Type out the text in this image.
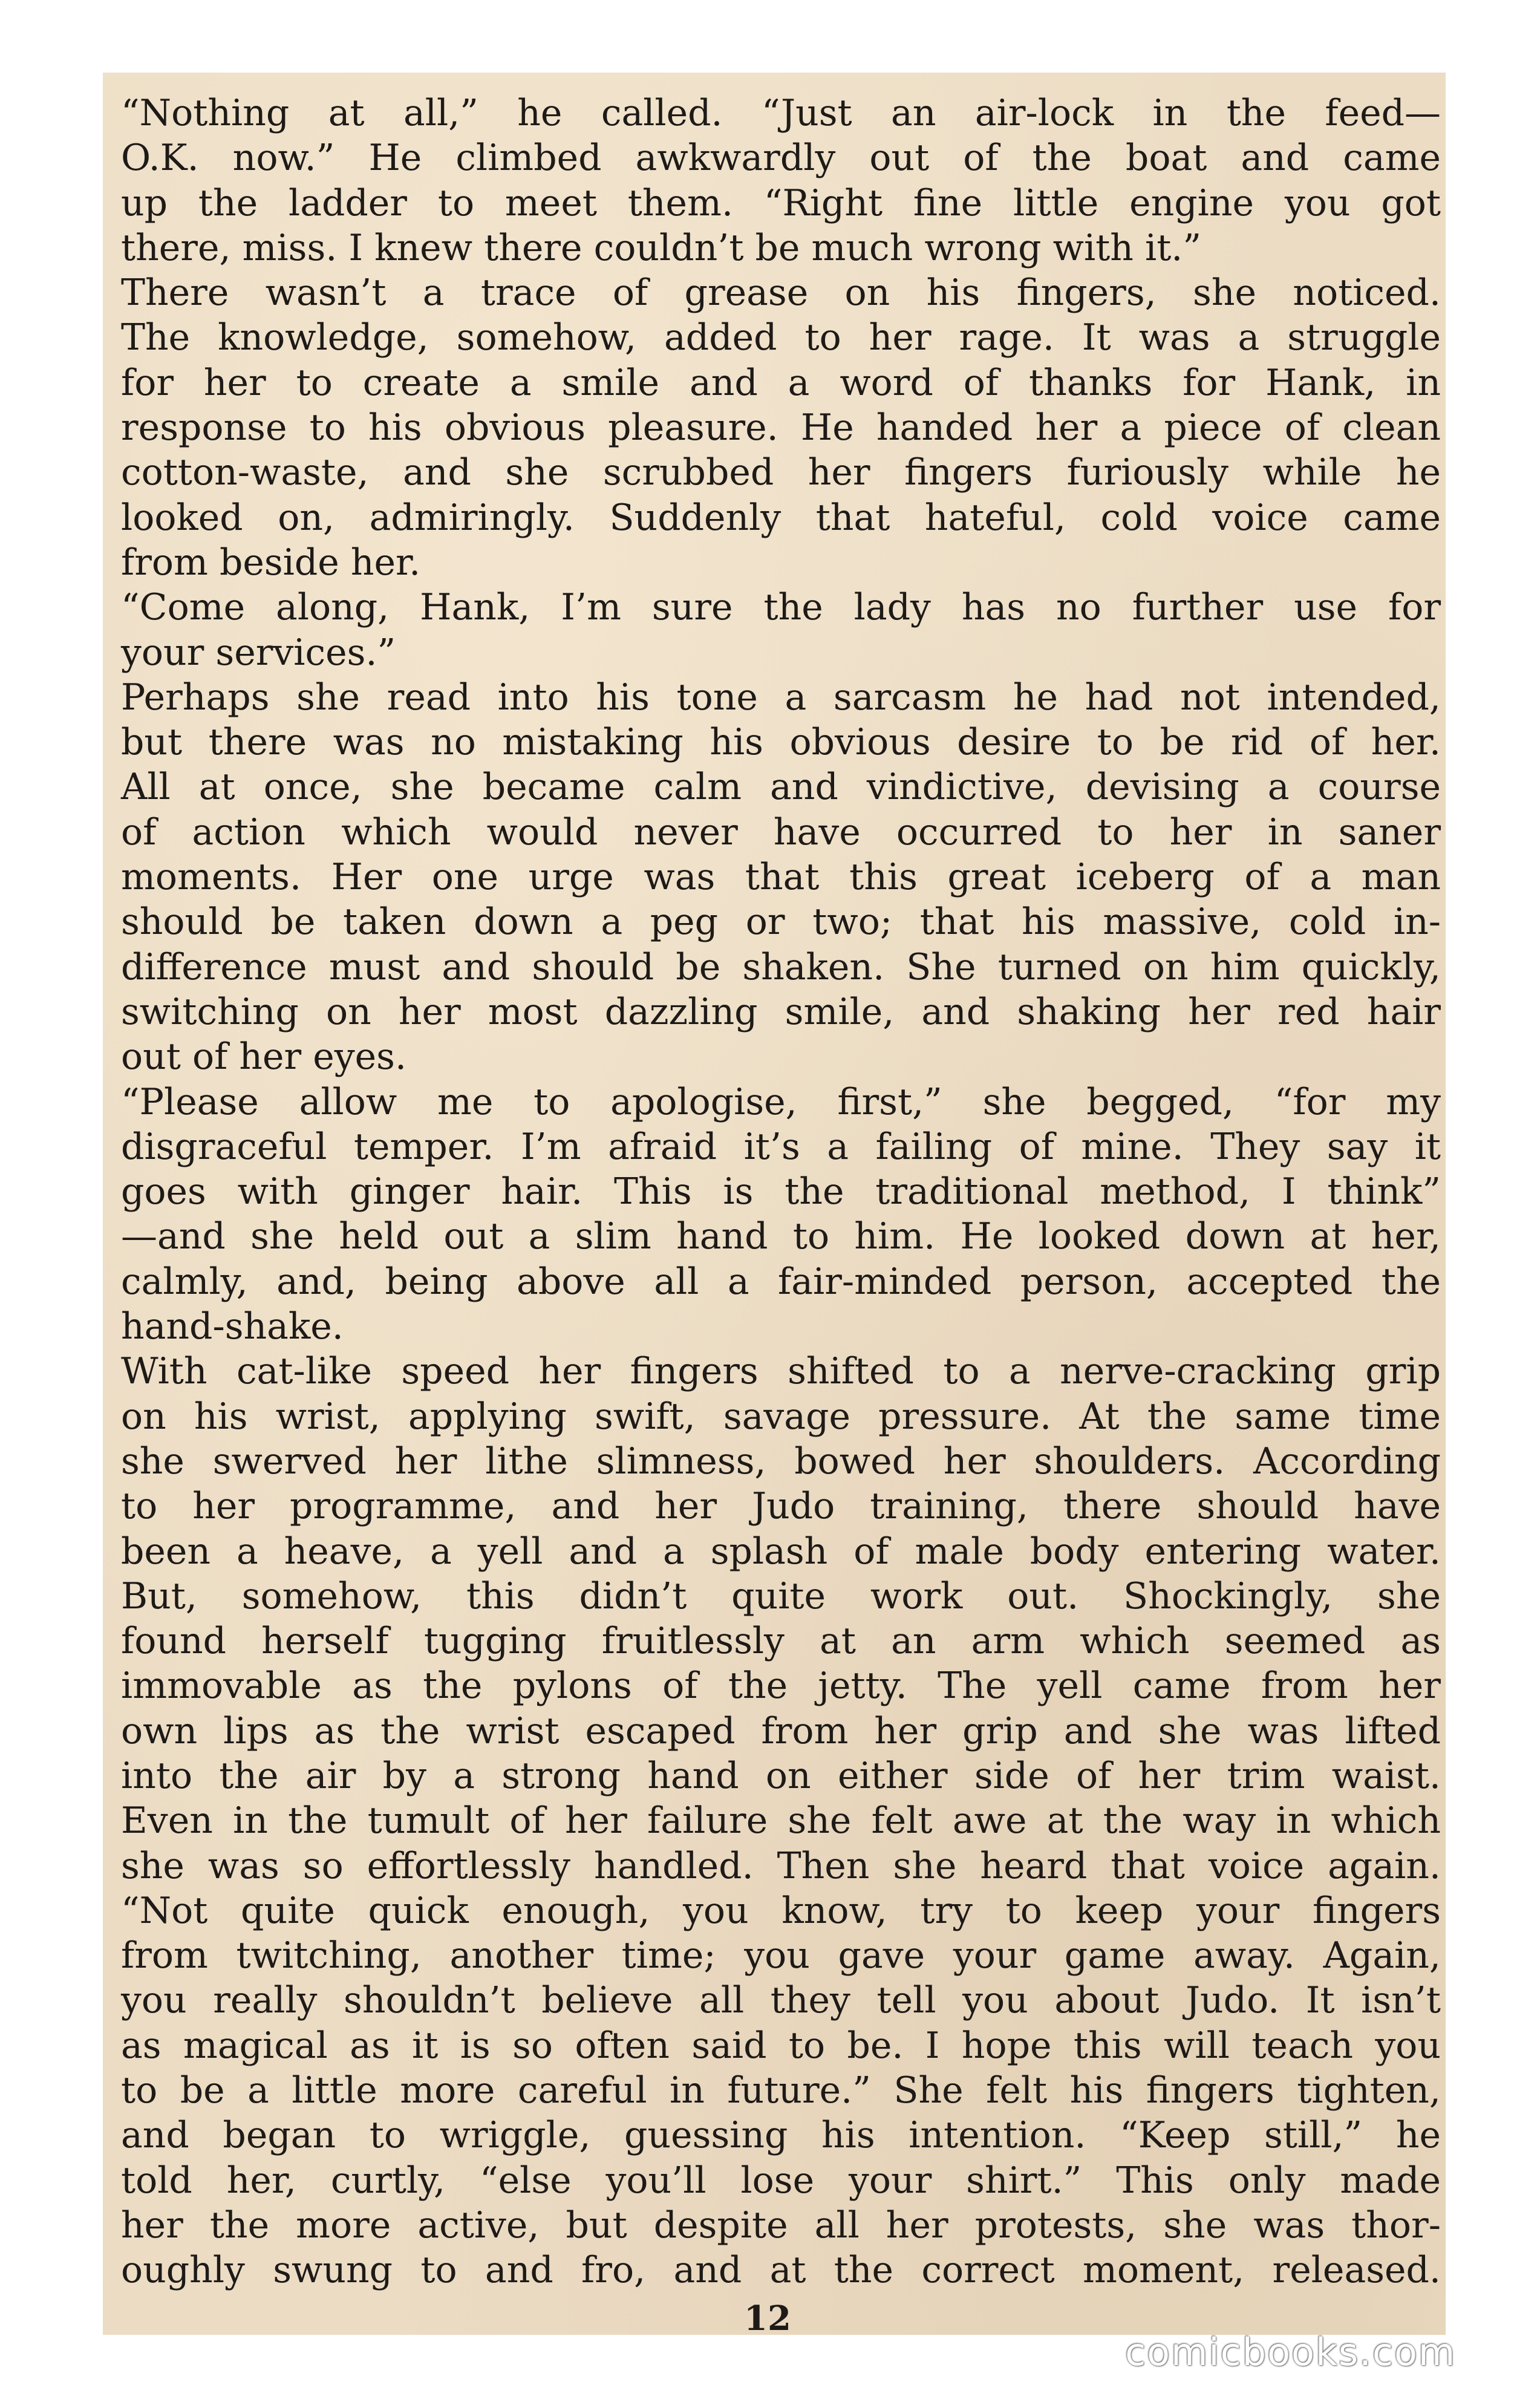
“Nothing at all,” he called. “Just an air-lock in the feed—
O.K. now.” He climbed awkwardly out of the boat and came
up the ladder to meet them. “Right fine little engine you got
there, miss. I knew there couldn’t be much wrong with it.”
There wasn’t a trace of grease on his fingers, she noticed.
The knowledge, somehow, added to her rage. It was a struggle
for her to create a smile and a word of thanks for Hank, in
response to his obvious pleasure. He handed her a piece of clean
cotton-waste, and she scrubbed her fingers furiously while he
looked on, admiringly. Suddenly that hateful, cold voice came
from beside her.
“Come along, Hank, I’m sure the lady has no further use for
your services.”
Perhaps she read into his tone a sarcasm he had not intended,
but there was no mistaking his obvious desire to be rid of her.
All at once, she became calm and vindictive, devising a course
of action which would never have occurred to her in saner
moments. Her one urge was that this great iceberg of a man
should be taken down a peg or two; that his massive, cold in-
difference must and should be shaken. She turned on him quickly,
switching on her most dazzling smile, and shaking her red hair
out of her eyes.
“Please allow me to apologise, first,” she begged, “for my
disgraceful temper. I’m afraid it’s a failing of mine. They say it
goes with ginger hair. This is the traditional method, I think”
—and she held out a slim hand to him. He looked down at her,
calmly, and, being above all a fair-minded person, accepted the
hand-shake.
With cat-like speed her fingers shifted to a nerve-cracking grip
on his wrist, applying swift, savage pressure. At the same time
she swerved her lithe slimness, bowed her shoulders. According
to her programme, and her Judo training, there should have
been a heave, a yell and a splash of male body entering water.
But, somehow, this didn’t quite work out. Shockingly, she
found herself tugging fruitlessly at an arm which seemed as
immovable as the pylons of the jetty. The yell came from her
own lips as the wrist escaped from her grip and she was lifted
into the air by a strong hand on either side of her trim waist.
Even in the tumult of her failure she felt awe at the way in which
she was so effortlessly handled. Then she heard that voice again.
“Not quite quick enough, you know, try to keep your fingers
from twitching, another time; you gave your game away. Again,
you really shouldn’t believe all they tell you about Judo. It isn’t
as magical as it is so often said to be. I hope this will teach you
to be a little more careful in future.” She felt his fingers tighten,
and began to wriggle, guessing his intention. “Keep still,” he
told her, curtly, “else you’ll lose your shirt.” This only made
her the more active, but despite all her protests, she was thor-
oughly swung to and fro, and at the correct moment, released.
12
comicbooks.com
